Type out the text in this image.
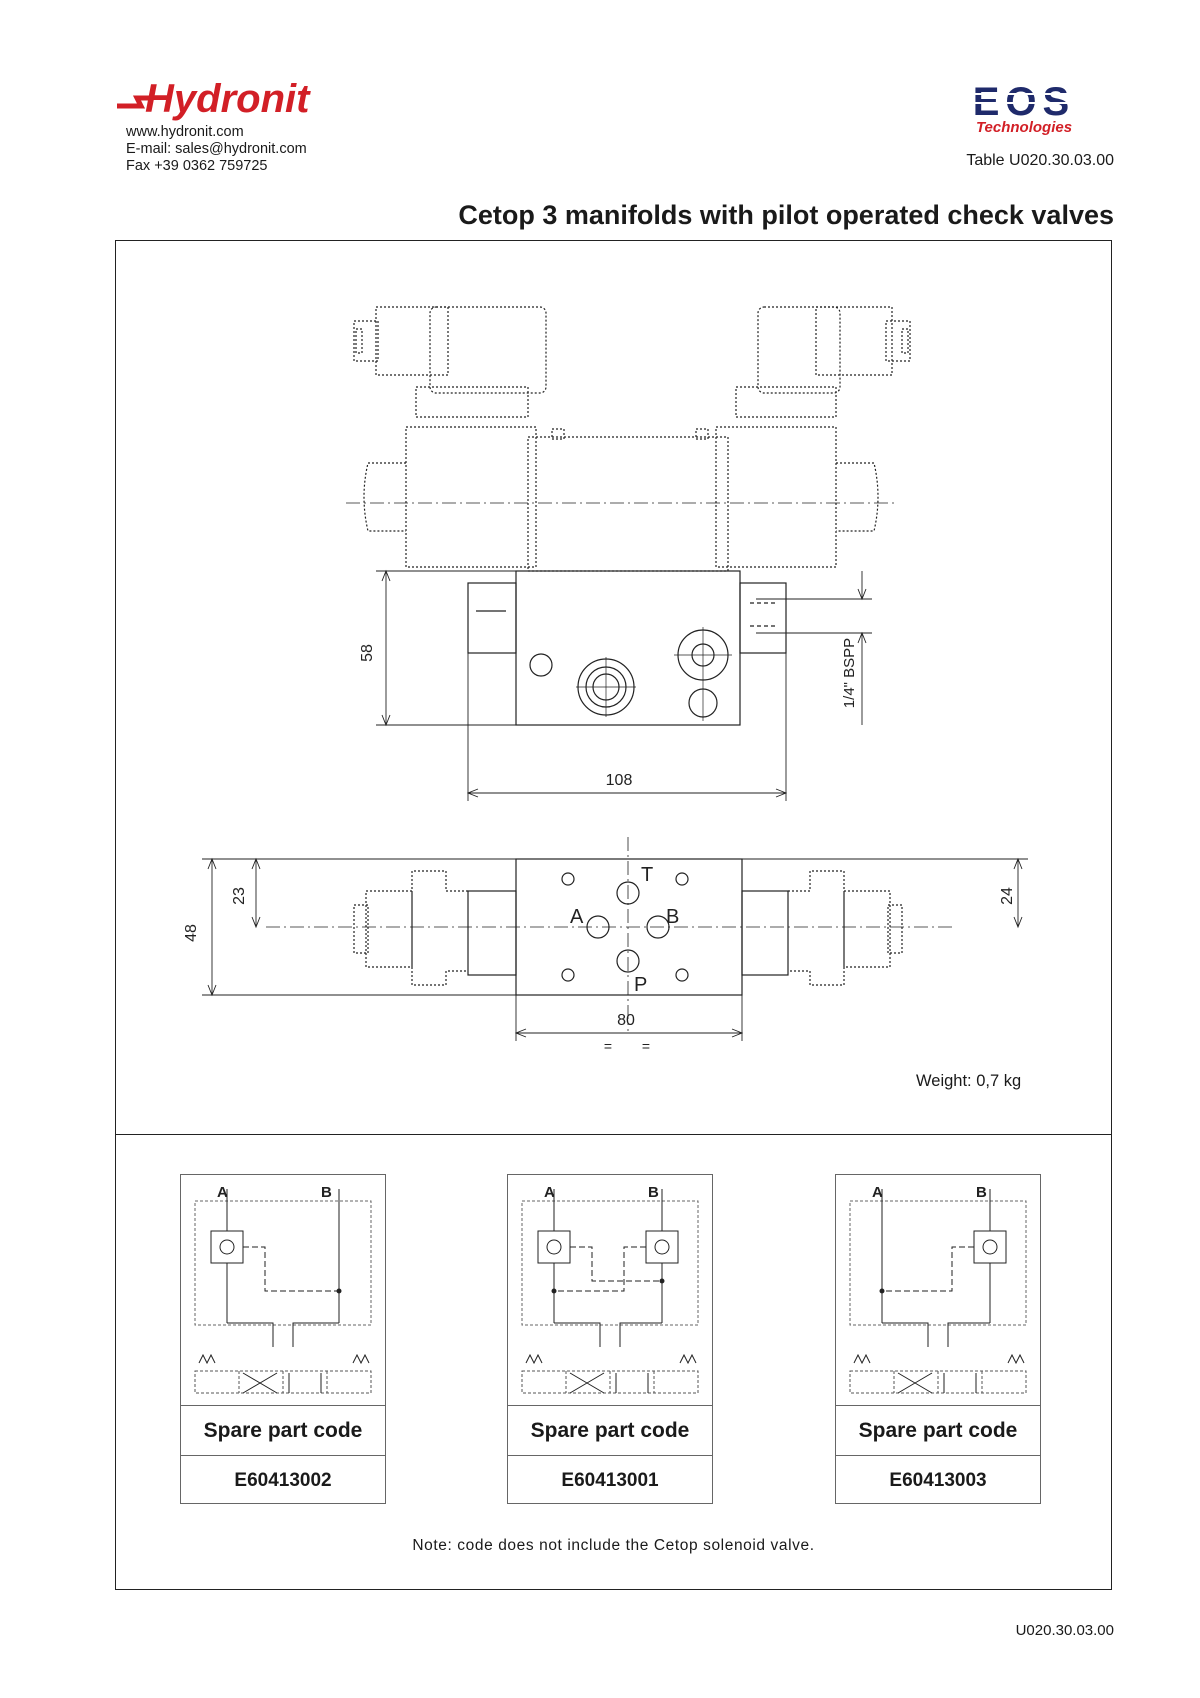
Hydronit
www.hydronit.com
E-mail: sales@hydronit.com
Fax +39 0362 759725
EOS
Technologies
Table U020.30.03.00
Cetop 3 manifolds with pilot operated check valves
58
108
1/4" BSPP
48
23	24
80
= =
T
A	B
P
Weight: 0,7 kg
A	B
Spare part code
E60413002
A	B
Spare part code
E60413001
A	B
Spare part code
E60413003
Note: code does not include the Cetop solenoid valve.
U020.30.03.00
